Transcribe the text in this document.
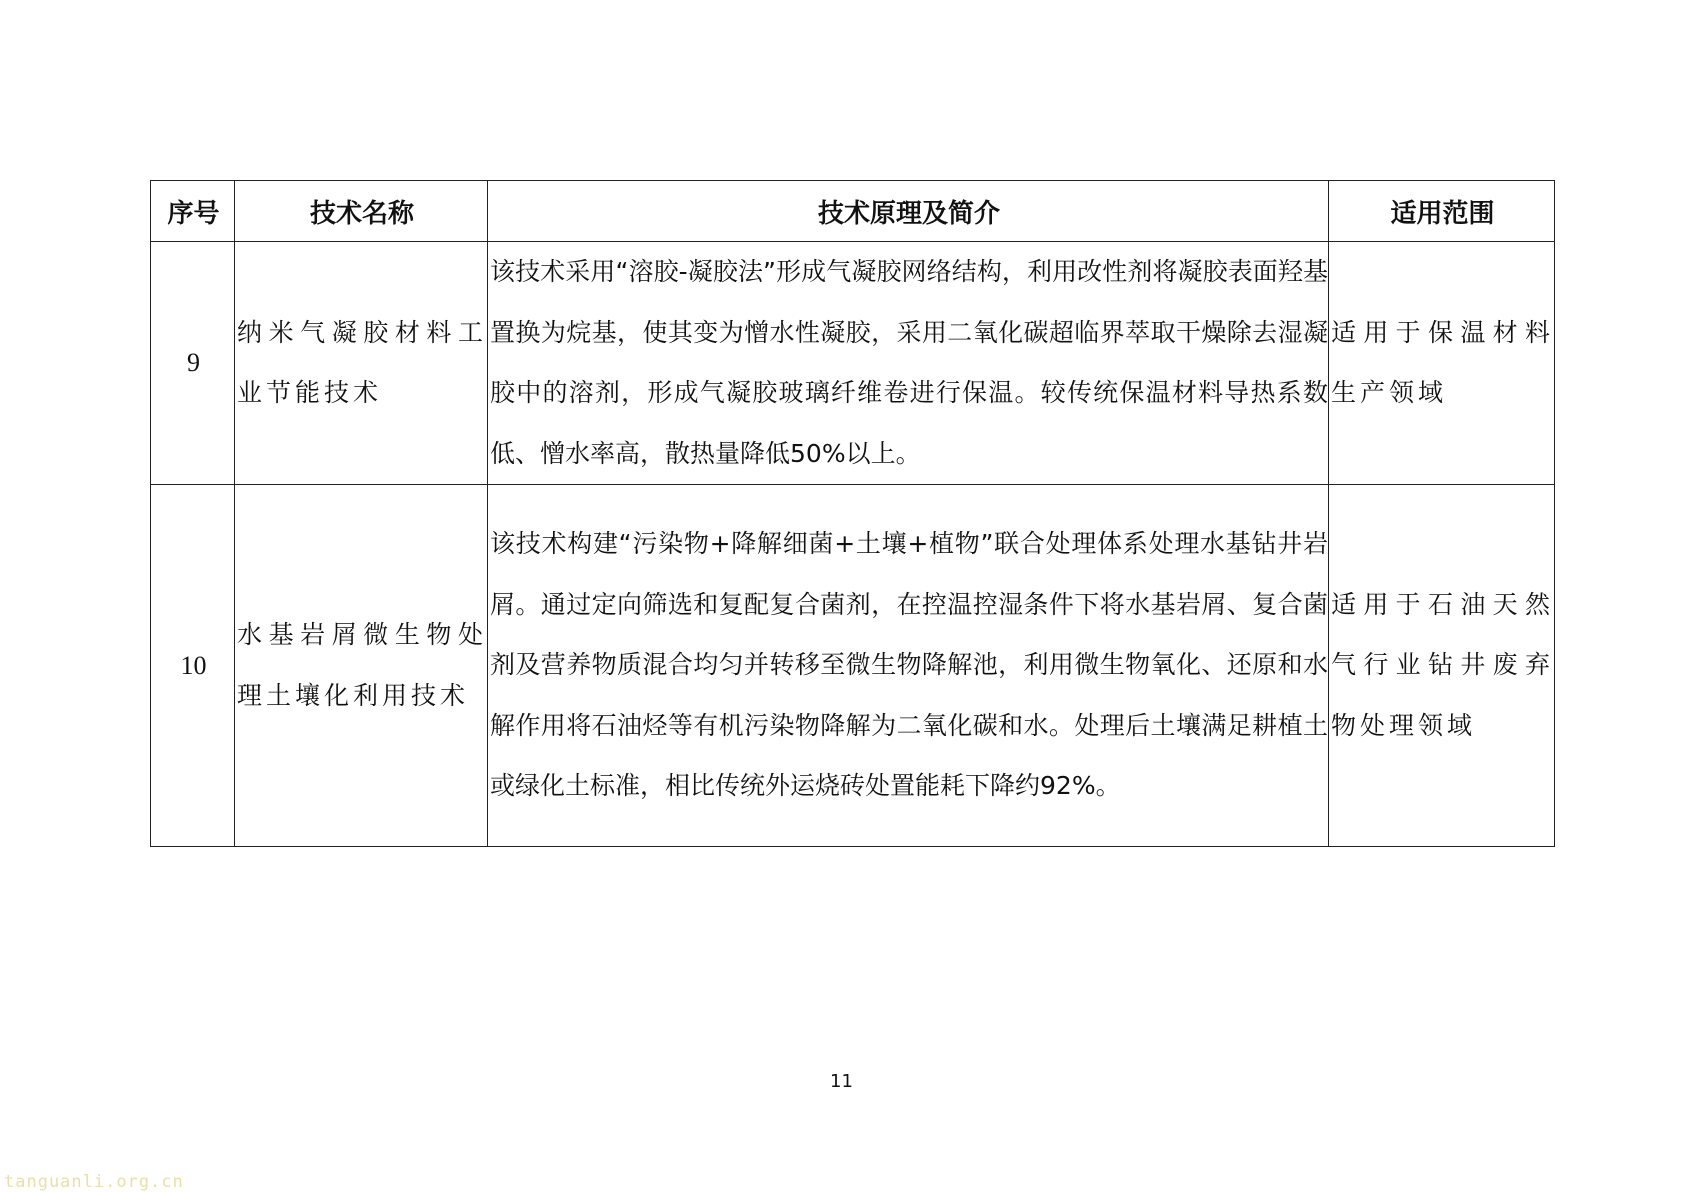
序号	技术名称	技术原理及简介	适用范围
9	纳米气凝胶材料工业节能技术	该技术采用“溶胶-凝胶法”形成气凝胶网络结构，利用改性剂将凝胶表面羟基置换为烷基，使其变为憎水性凝胶，采用二氧化碳超临界萃取干燥除去湿凝胶中的溶剂，形成气凝胶玻璃纤维卷进行保温。较传统保温材料导热系数低、憎水率高，散热量降低50%以上。	适用于保温材料生产领域
10	水基岩屑微生物处理土壤化利用技术	该技术构建“污染物+降解细菌+土壤+植物”联合处理体系处理水基钻井岩屑。通过定向筛选和复配复合菌剂，在控温控湿条件下将水基岩屑、复合菌剂及营养物质混合均匀并转移至微生物降解池，利用微生物氧化、还原和水解作用将石油烃等有机污染物降解为二氧化碳和水。处理后土壤满足耕植土或绿化土标准，相比传统外运烧砖处置能耗下降约92%。	适用于石油天然气行业钻井废弃物处理领域
11
tanguanli.org.cn
